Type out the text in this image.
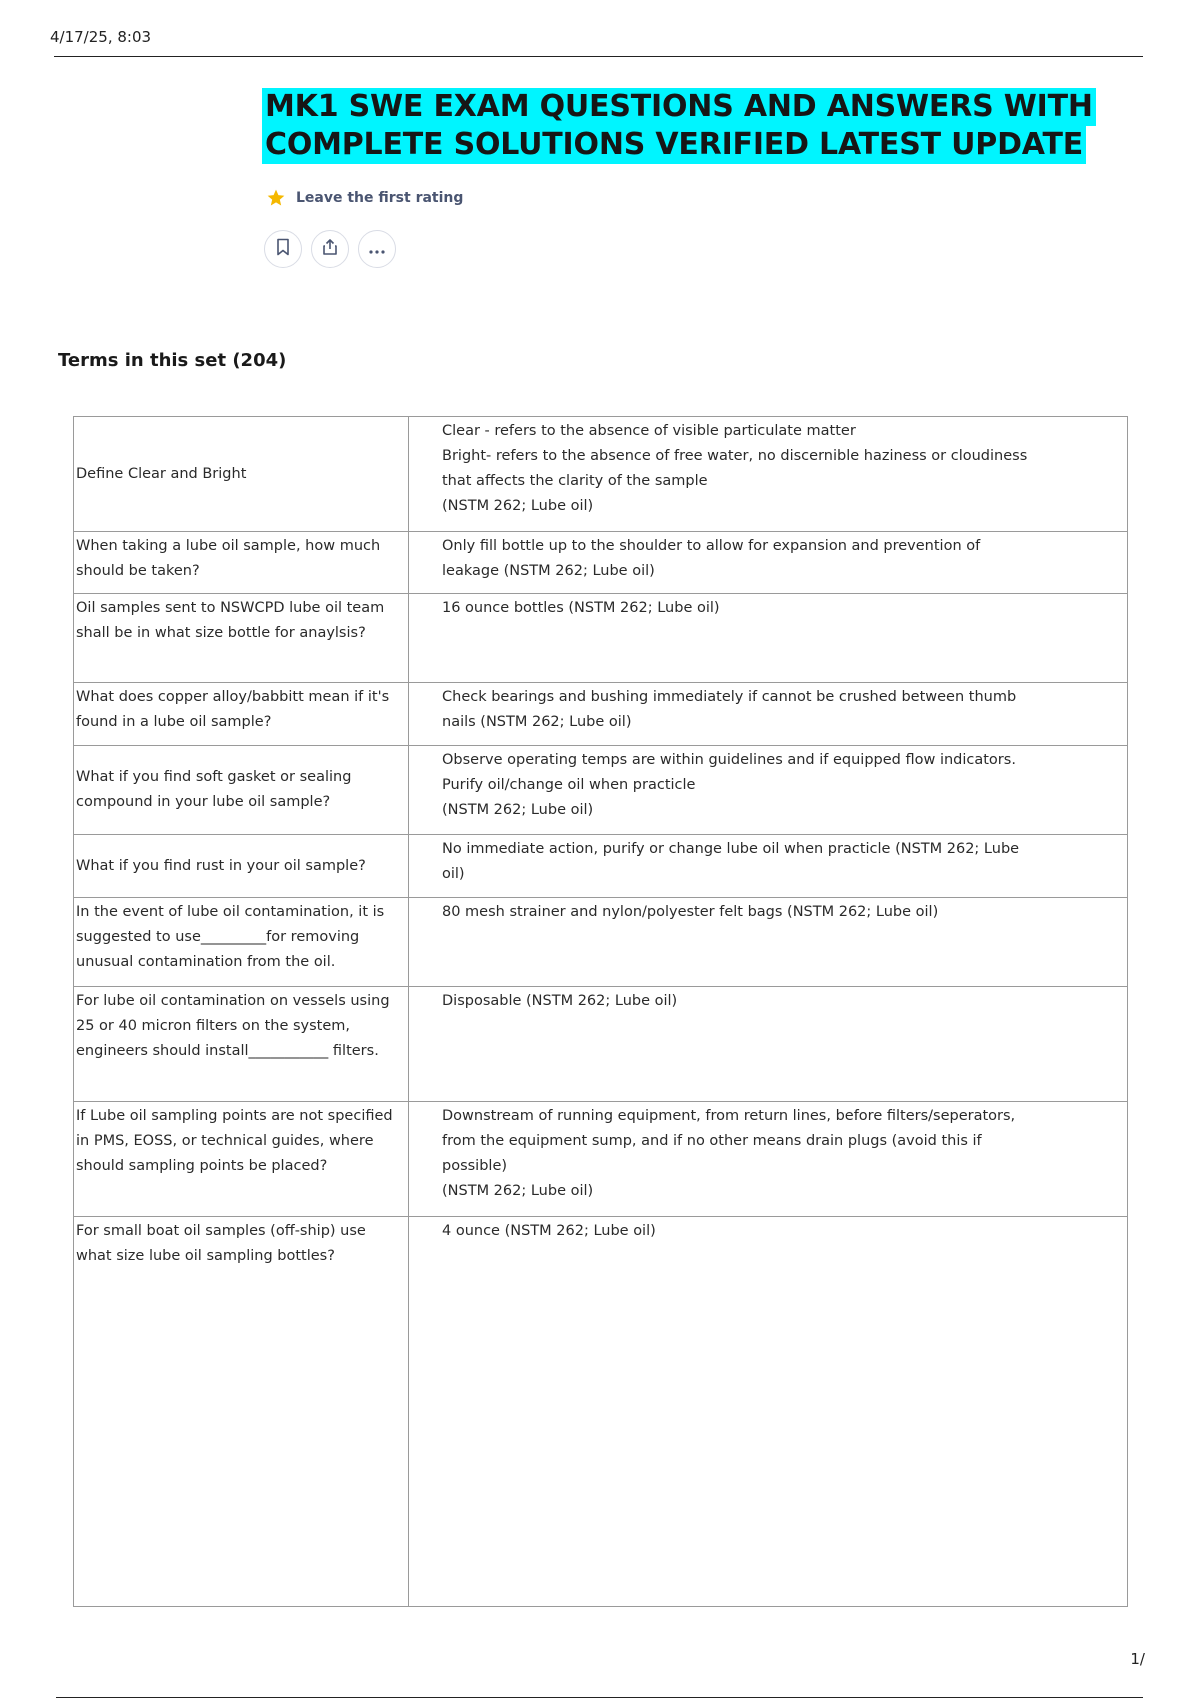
4/17/25, 8:03
MK1 SWE EXAM QUESTIONS AND ANSWERS WITH
COMPLETE SOLUTIONS VERIFIED LATEST UPDATE
Leave the first rating
Terms in this set (204)
Define Clear and Bright	Clear - refers to the absence of visible particulate matter
Bright- refers to the absence of free water, no discernible haziness or cloudiness
that affects the clarity of the sample
(NSTM 262; Lube oil)

When taking a lube oil sample, how much should be taken?	Only fill bottle up to the shoulder to allow for expansion and prevention of
leakage (NSTM 262; Lube oil)

Oil samples sent to NSWCPD lube oil team shall be in what size bottle for anaylsis?	16 ounce bottles (NSTM 262; Lube oil)

What does copper alloy/babbitt mean if it's found in a lube oil sample?	Check bearings and bushing immediately if cannot be crushed between thumb
nails (NSTM 262; Lube oil)

What if you find soft gasket or sealing compound in your lube oil sample?	Observe operating temps are within guidelines and if equipped flow indicators.
Purify oil/change oil when practicle
(NSTM 262; Lube oil)

What if you find rust in your oil sample?	No immediate action, purify or change lube oil when practicle (NSTM 262; Lube
oil)

In the event of lube oil contamination, it is suggested to use_________for removing unusual contamination from the oil.	80 mesh strainer and nylon/polyester felt bags (NSTM 262; Lube oil)

For lube oil contamination on vessels using 25 or 40 micron filters on the system, engineers should install___________ filters.	Disposable (NSTM 262; Lube oil)

If Lube oil sampling points are not specified in PMS, EOSS, or technical guides, where should sampling points be placed?	Downstream of running equipment, from return lines, before filters/seperators,
from the equipment sump, and if no other means drain plugs (avoid this if
possible)
(NSTM 262; Lube oil)

For small boat oil samples (off-ship) use what size lube oil sampling bottles?	4 ounce (NSTM 262; Lube oil)
1/
